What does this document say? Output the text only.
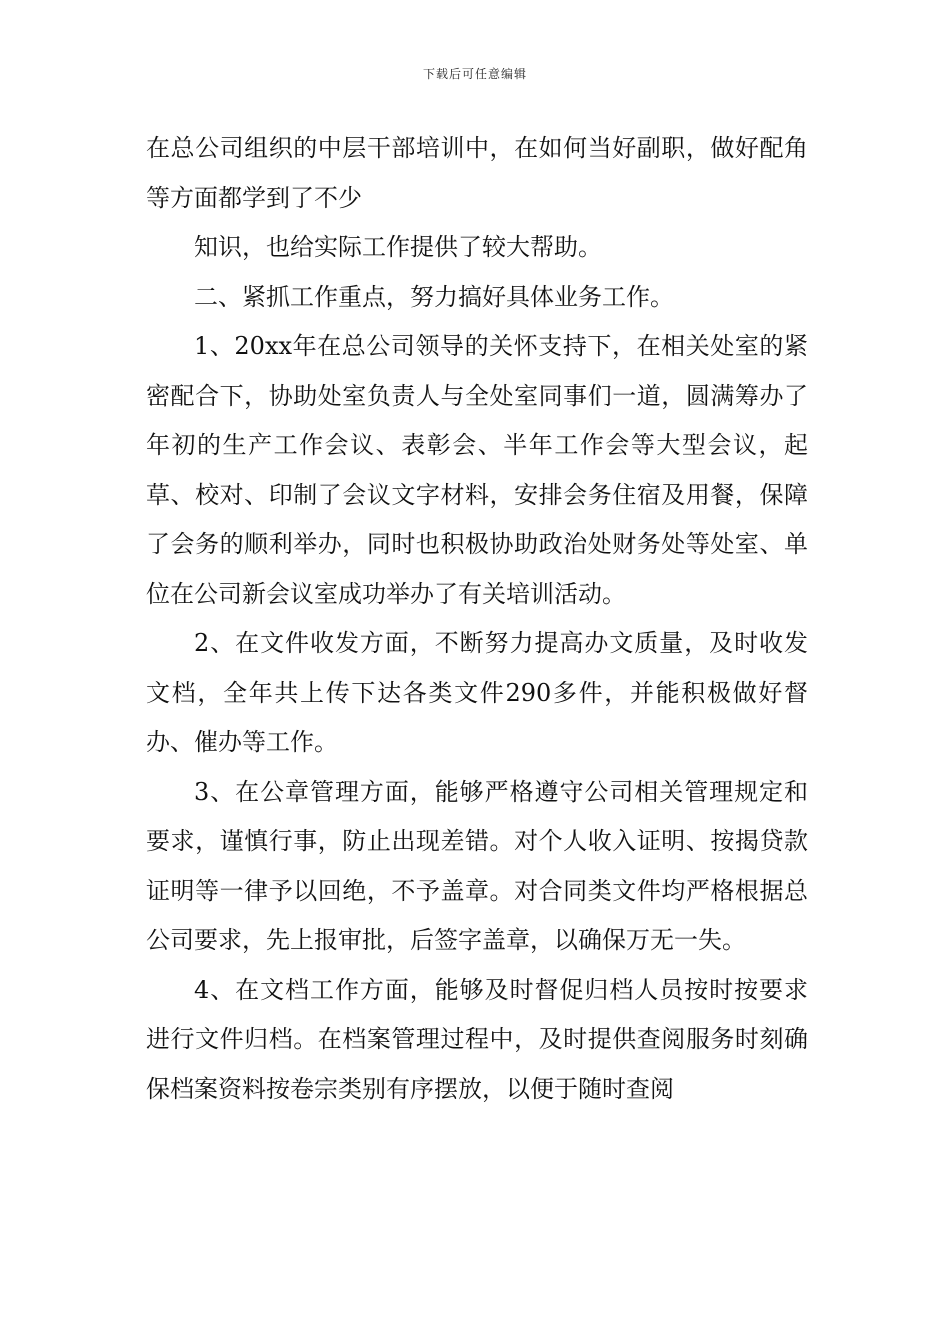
下载后可任意编辑

在总公司组织的中层干部培训中，在如何当好副职，做好配角等方面都学到了不少

知识，也给实际工作提供了较大帮助。

二、紧抓工作重点，努力搞好具体业务工作。

1、20xx年在总公司领导的关怀支持下，在相关处室的紧密配合下，协助处室负责人与全处室同事们一道，圆满筹办了年初的生产工作会议、表彰会、半年工作会等大型会议，起草、校对、印制了会议文字材料，安排会务住宿及用餐，保障了会务的顺利举办，同时也积极协助政治处财务处等处室、单位在公司新会议室成功举办了有关培训活动。

2、在文件收发方面，不断努力提高办文质量，及时收发文档，全年共上传下达各类文件290多件，并能积极做好督办、催办等工作。

3、在公章管理方面，能够严格遵守公司相关管理规定和要求，谨慎行事，防止出现差错。对个人收入证明、按揭贷款证明等一律予以回绝，不予盖章。对合同类文件均严格根据总公司要求，先上报审批，后签字盖章，以确保万无一失。

4、在文档工作方面，能够及时督促归档人员按时按要求进行文件归档。在档案管理过程中，及时提供查阅服务时刻确保档案资料按卷宗类别有序摆放，以便于随时查阅
